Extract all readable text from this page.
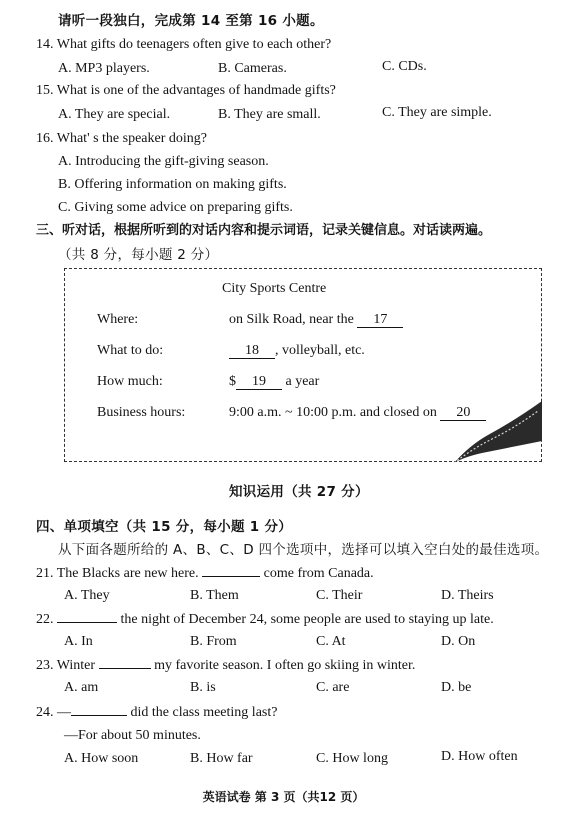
请听一段独白，完成第 14 至第 16 小题。
14. What gifts do teenagers often give to each other?
A. MP3 players.	B. Cameras.	C. CDs.
15. What is one of the advantages of handmade gifts?
A. They are special.	B. They are small.	C. They are simple.
16. What' s the speaker doing?
A. Introducing the gift-giving season.
B. Offering information on making gifts.
C. Giving some advice on preparing gifts.
三、听对话，根据所听到的对话内容和提示词语，记录关键信息。对话读两遍。
（共 8 分，每小题 2 分）
City Sports Centre
Where:	on Silk Road, near the 17
What to do:	18 , volleyball, etc.
How much:	$ 19 a year
Business hours:	9:00 a.m. ~ 10:00 p.m. and closed on 20
知识运用（共 27 分）
四、单项填空（共 15 分，每小题 1 分）
从下面各题所给的 A、B、C、D 四个选项中，选择可以填入空白处的最佳选项。
21. The Blacks are new here.	come from Canada.
A. They	B. Them	C. Their	D. Theirs
22.	the night of December 24, some people are used to staying up late.
A. In	B. From	C. At	D. On
23. Winter	my favorite season. I often go skiing in winter.
A. am	B. is	C. are	D. be
24. —	did the class meeting last?
—For about 50 minutes.
A. How soon	B. How far	C. How long	D. How often
英语试卷 第 3 页（共12 页）
